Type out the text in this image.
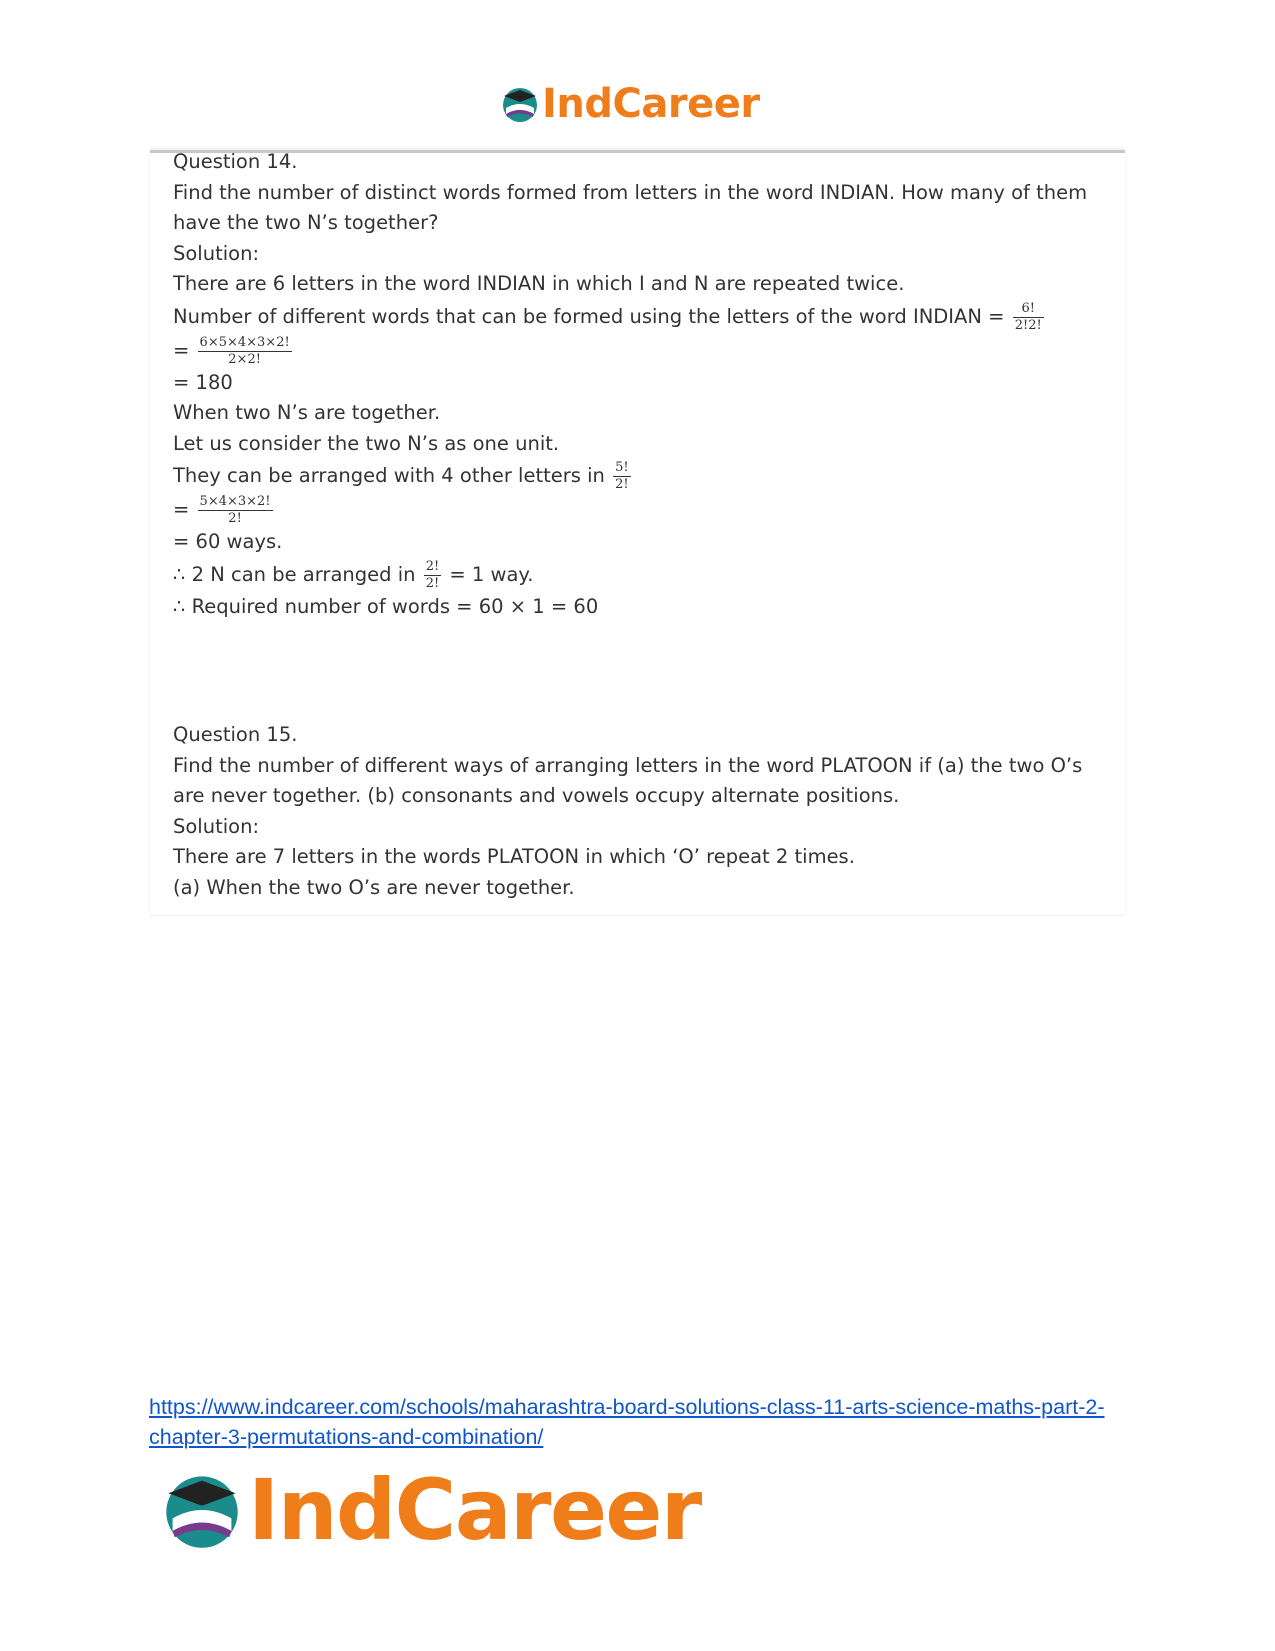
IndCareer

Question 14.

Find the number of distinct words formed from letters in the word INDIAN. How many of them

have the two N’s together?

Solution:

There are 6 letters in the word INDIAN in which I and N are repeated twice.

Number of different words that can be formed using the letters of the word INDIAN = $\frac{6!}{2!2!}$

= $\frac{6\times 5\times 4\times 3\times 2!}{2\times 2!}$

= 180

When two N’s are together.

Let us consider the two N’s as one unit.

They can be arranged with 4 other letters in $\frac{5!}{2!}$

= $\frac{5\times 4\times 3\times 2!}{2!}$

= 60 ways.

∴ 2 N can be arranged in $\frac{2!}{2!} = 1$ way.

∴ Required number of words = 60 × 1 = 60

Question 15.

Find the number of different ways of arranging letters in the word PLATOON if (a) the two O’s

are never together. (b) consonants and vowels occupy alternate positions.

Solution:

There are 7 letters in the words PLATOON in which ‘O’ repeat 2 times.

(a) When the two O’s are never together.

https://www.indcareer.com/schools/maharashtra-board-solutions-class-11-arts-science-maths-part-2-chapter-3-permutations-and-combination/
IndCareer
